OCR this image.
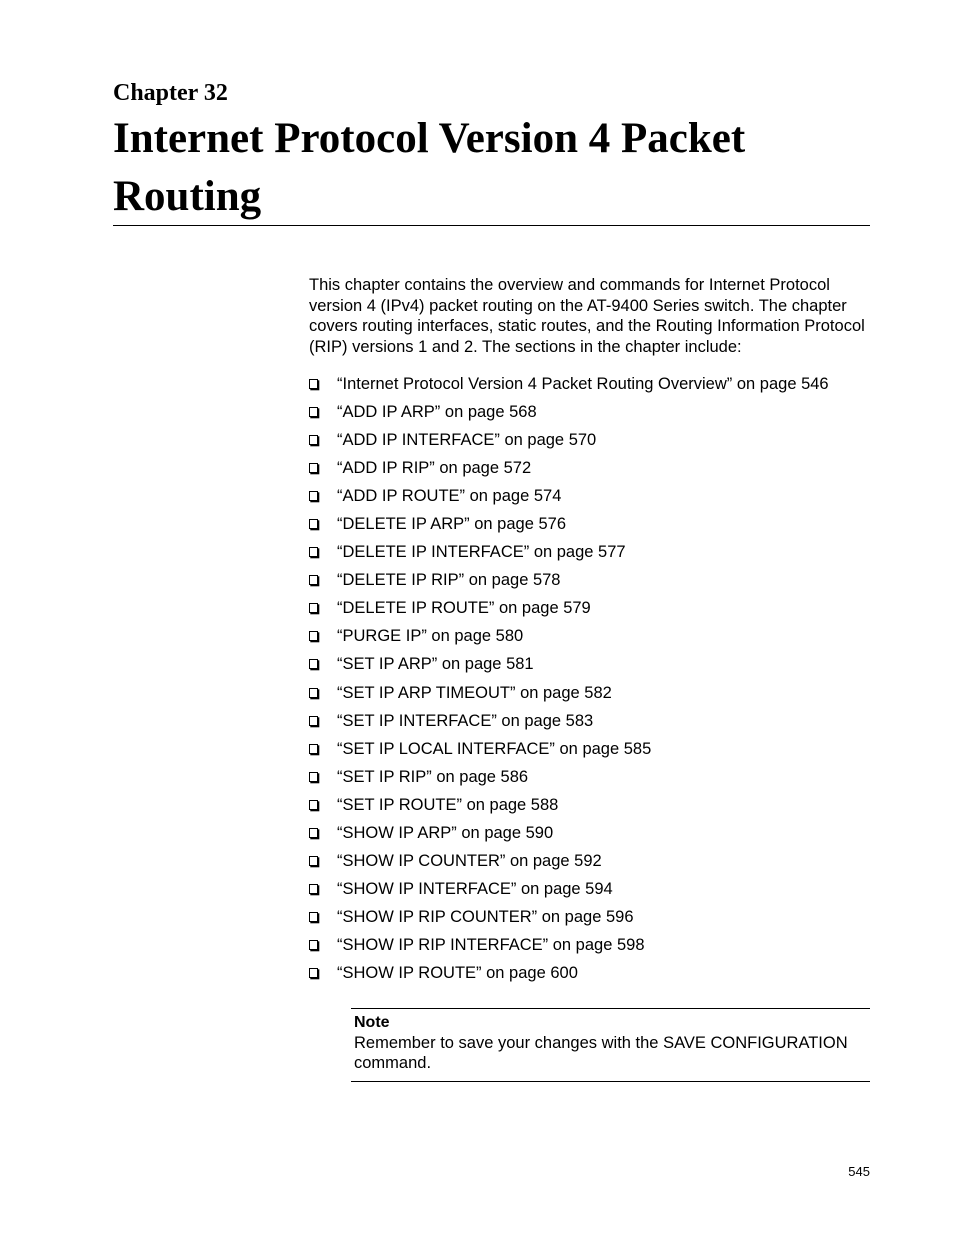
Chapter 32
Internet Protocol Version 4 Packet Routing

This chapter contains the overview and commands for Internet Protocol version 4 (IPv4) packet routing on the AT-9400 Series switch. The chapter covers routing interfaces, static routes, and the Routing Information Protocol (RIP) versions 1 and 2. The sections in the chapter include:

“Internet Protocol Version 4 Packet Routing Overview” on page 546
“ADD IP ARP” on page 568
“ADD IP INTERFACE” on page 570
“ADD IP RIP” on page 572
“ADD IP ROUTE” on page 574
“DELETE IP ARP” on page 576
“DELETE IP INTERFACE” on page 577
“DELETE IP RIP” on page 578
“DELETE IP ROUTE” on page 579
“PURGE IP” on page 580
“SET IP ARP” on page 581
“SET IP ARP TIMEOUT” on page 582
“SET IP INTERFACE” on page 583
“SET IP LOCAL INTERFACE” on page 585
“SET IP RIP” on page 586
“SET IP ROUTE” on page 588
“SHOW IP ARP” on page 590
“SHOW IP COUNTER” on page 592
“SHOW IP INTERFACE” on page 594
“SHOW IP RIP COUNTER” on page 596
“SHOW IP RIP INTERFACE” on page 598
“SHOW IP ROUTE” on page 600
Note

Remember to save your changes with the SAVE CONFIGURATION command.

545
